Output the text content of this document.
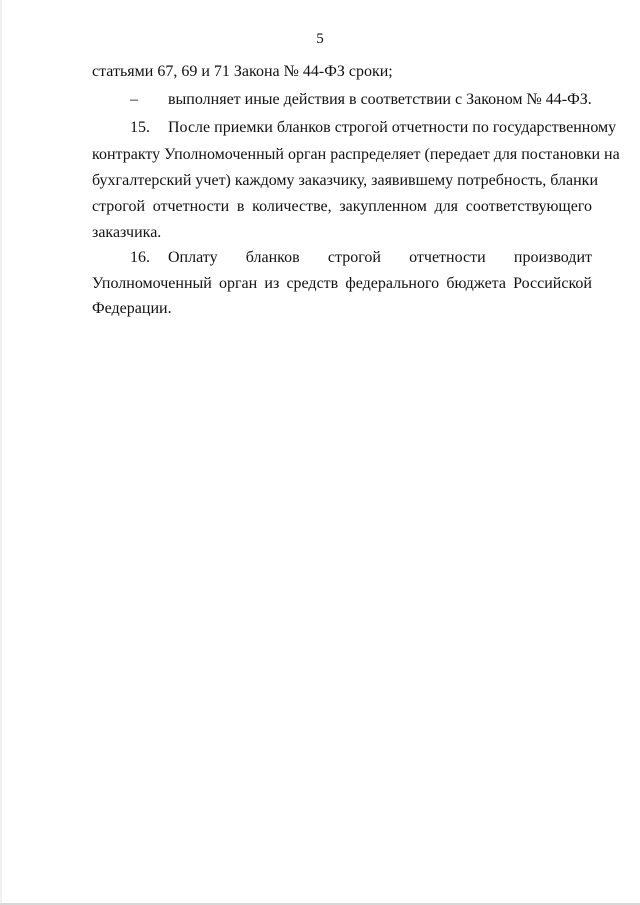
5
статьями 67, 69 и 71 Закона № 44-ФЗ сроки;
– выполняет иные действия в соответствии с Законом № 44-ФЗ.
15. После приемки бланков строгой отчетности по государственному
контракту Уполномоченный орган распределяет (передает для постановки на
бухгалтерский учет) каждому заказчику, заявившему потребность, бланки
строгой отчетности в количестве, закупленном для соответствующего
заказчика.
16. Оплату бланков строгой отчетности производит
Уполномоченный орган из средств федерального бюджета Российской
Федерации.
